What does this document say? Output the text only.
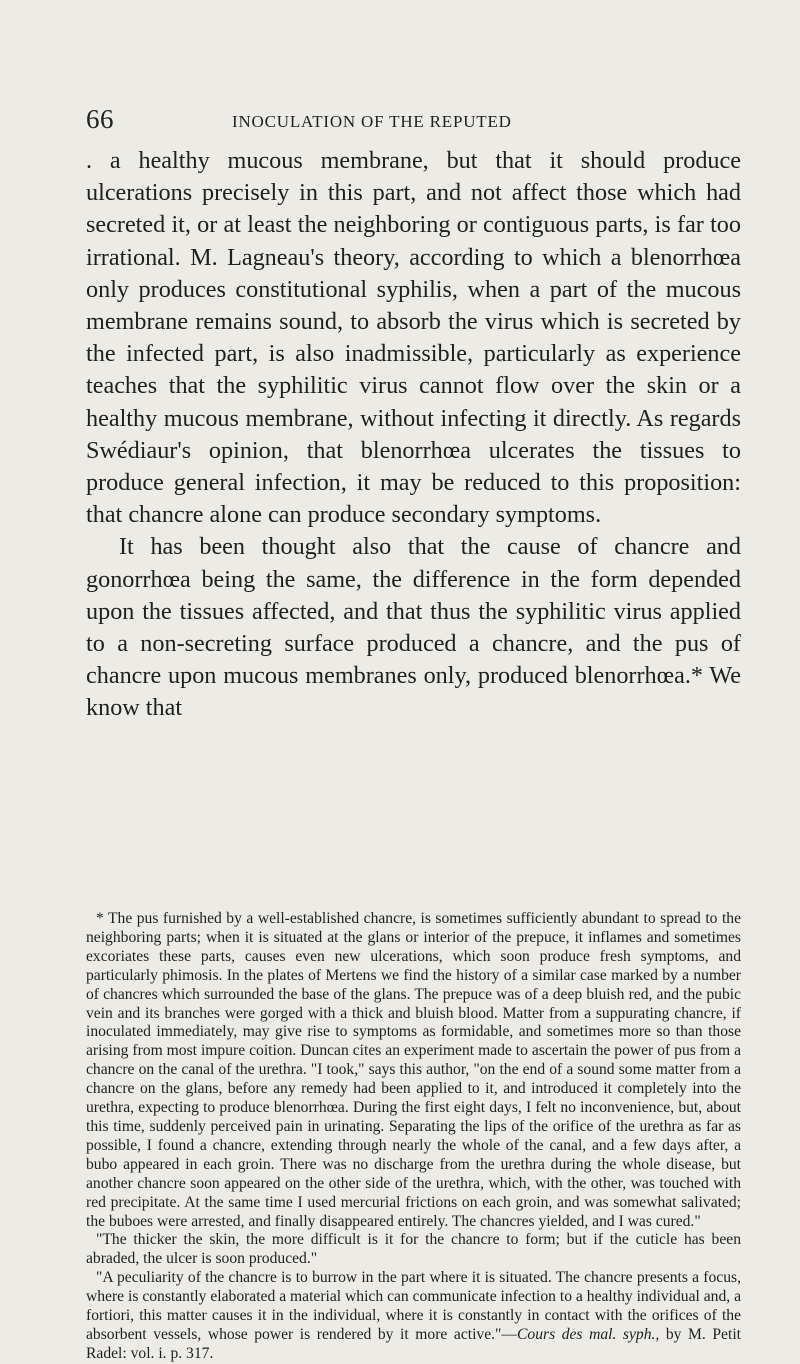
66	INOCULATION OF THE REPUTED

. a healthy mucous membrane, but that it should produce ulcerations precisely in this part, and not affect those which had secreted it, or at least the neighboring or contiguous parts, is far too irrational. M. Lagneau's theory, according to which a blenorrhœa only produces constitutional syphilis, when a part of the mucous membrane remains sound, to absorb the virus which is secreted by the infected part, is also inadmissible, particularly as experience teaches that the syphilitic virus cannot flow over the skin or a healthy mucous membrane, without infecting it directly. As regards Swédiaur's opinion, that blenorrhœa ulcerates the tissues to produce general infection, it may be reduced to this proposition: that chancre alone can produce secondary symptoms.

It has been thought also that the cause of chancre and gonorrhœa being the same, the difference in the form depended upon the tissues affected, and that thus the syphilitic virus applied to a non-secreting surface produced a chancre, and the pus of chancre upon mucous membranes only, produced blenorrhœa.* We know that

* The pus furnished by a well-established chancre, is sometimes sufficiently abundant to spread to the neighboring parts; when it is situated at the glans or interior of the prepuce, it inflames and sometimes excoriates these parts, causes even new ulcerations, which soon produce fresh symptoms, and particularly phimosis. In the plates of Mertens we find the history of a similar case marked by a number of chancres which surrounded the base of the glans. The prepuce was of a deep bluish red, and the pubic vein and its branches were gorged with a thick and bluish blood. Matter from a suppurating chancre, if inoculated immediately, may give rise to symptoms as formidable, and sometimes more so than those arising from most impure coition. Duncan cites an experiment made to ascertain the power of pus from a chancre on the canal of the urethra. "I took," says this author, "on the end of a sound some matter from a chancre on the glans, before any remedy had been applied to it, and introduced it completely into the urethra, expecting to produce blenorrhœa. During the first eight days, I felt no inconvenience, but, about this time, suddenly perceived pain in urinating. Separating the lips of the orifice of the urethra as far as possible, I found a chancre, extending through nearly the whole of the canal, and a few days after, a bubo appeared in each groin. There was no discharge from the urethra during the whole disease, but another chancre soon appeared on the other side of the urethra, which, with the other, was touched with red precipitate. At the same time I used mercurial frictions on each groin, and was somewhat salivated; the buboes were arrested, and finally disappeared entirely. The chancres yielded, and I was cured."

"The thicker the skin, the more difficult is it for the chancre to form; but if the cuticle has been abraded, the ulcer is soon produced."

"A peculiarity of the chancre is to burrow in the part where it is situated. The chancre presents a focus, where is constantly elaborated a material which can communicate infection to a healthy individual and, a fortiori, this matter causes it in the individual, where it is constantly in contact with the orifices of the absorbent vessels, whose power is rendered by it more active."—Cours des mal. syph., by M. Petit Radel: vol. i. p. 317.
